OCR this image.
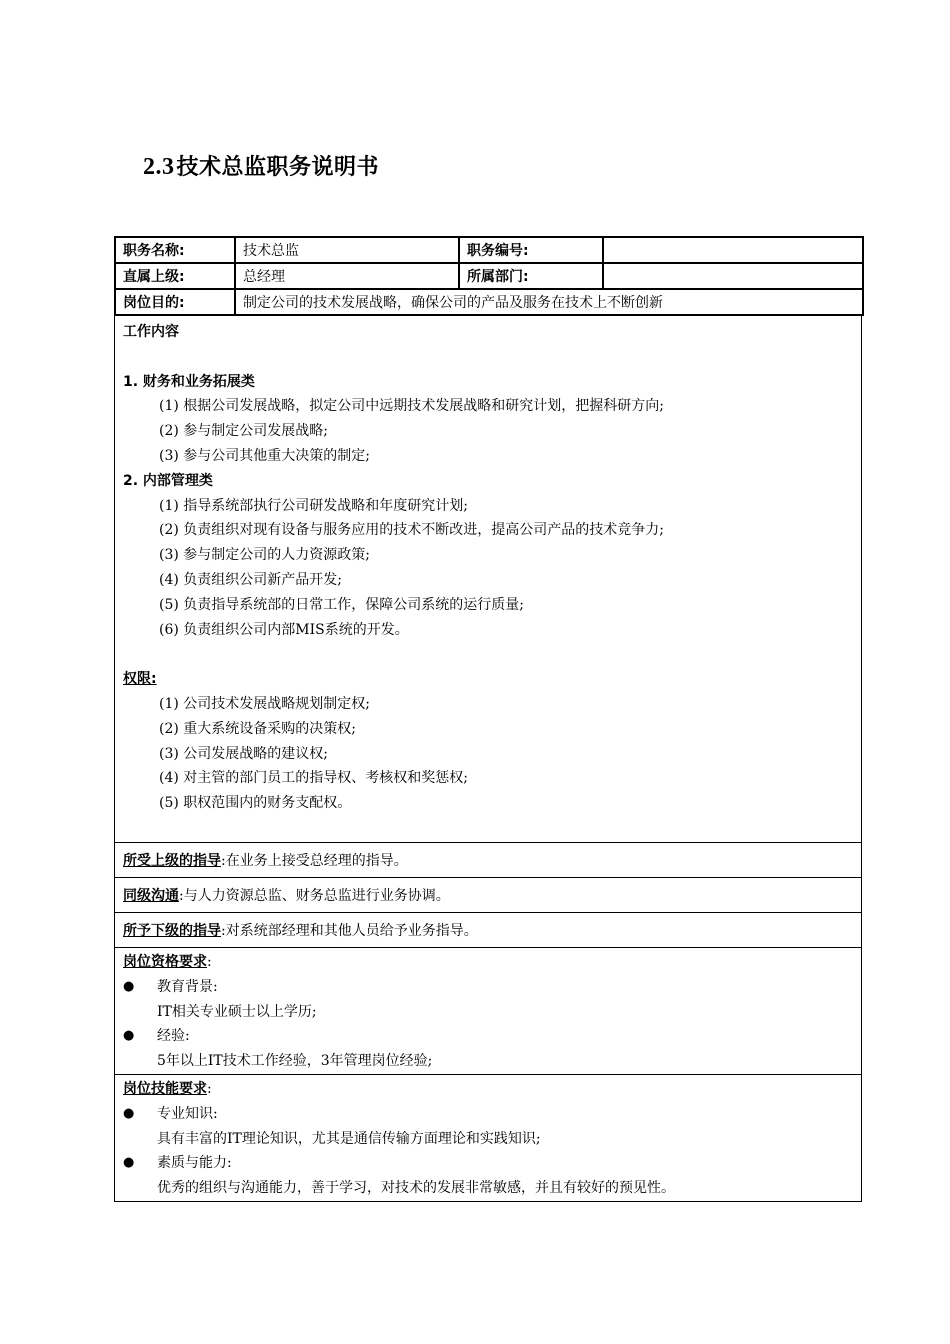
2.3技术总监职务说明书
职务名称:	技术总监	职务编号:	
直属上级:	总经理	所属部门:	
岗位目的:	制定公司的技术发展战略，确保公司的产品及服务在技术上不断创新		
工作内容
1. 财务和业务拓展类
(1) 根据公司发展战略，拟定公司中远期技术发展战略和研究计划，把握科研方向;
(2) 参与制定公司发展战略;
(3) 参与公司其他重大决策的制定;
2. 内部管理类
(1) 指导系统部执行公司研发战略和年度研究计划;
(2) 负责组织对现有设备与服务应用的技术不断改进，提高公司产品的技术竞争力;
(3) 参与制定公司的人力资源政策;
(4) 负责组织公司新产品开发;
(5) 负责指导系统部的日常工作，保障公司系统的运行质量;
(6) 负责组织公司内部MIS系统的开发。
权限:
(1) 公司技术发展战略规划制定权;
(2) 重大系统设备采购的决策权;
(3) 公司发展战略的建议权;
(4) 对主管的部门员工的指导权、考核权和奖惩权;
(5) 职权范围内的财务支配权。
所受上级的指导:在业务上接受总经理的指导。
同级沟通:与人力资源总监、财务总监进行业务协调。
所予下级的指导:对系统部经理和其他人员给予业务指导。
岗位资格要求:
●	教育背景:
IT相关专业硕士以上学历;
●	经验:
5年以上IT技术工作经验，3年管理岗位经验;
岗位技能要求:
●	专业知识:
具有丰富的IT理论知识，尤其是通信传输方面理论和实践知识;
●	素质与能力:
优秀的组织与沟通能力，善于学习，对技术的发展非常敏感，并且有较好的预见性。
